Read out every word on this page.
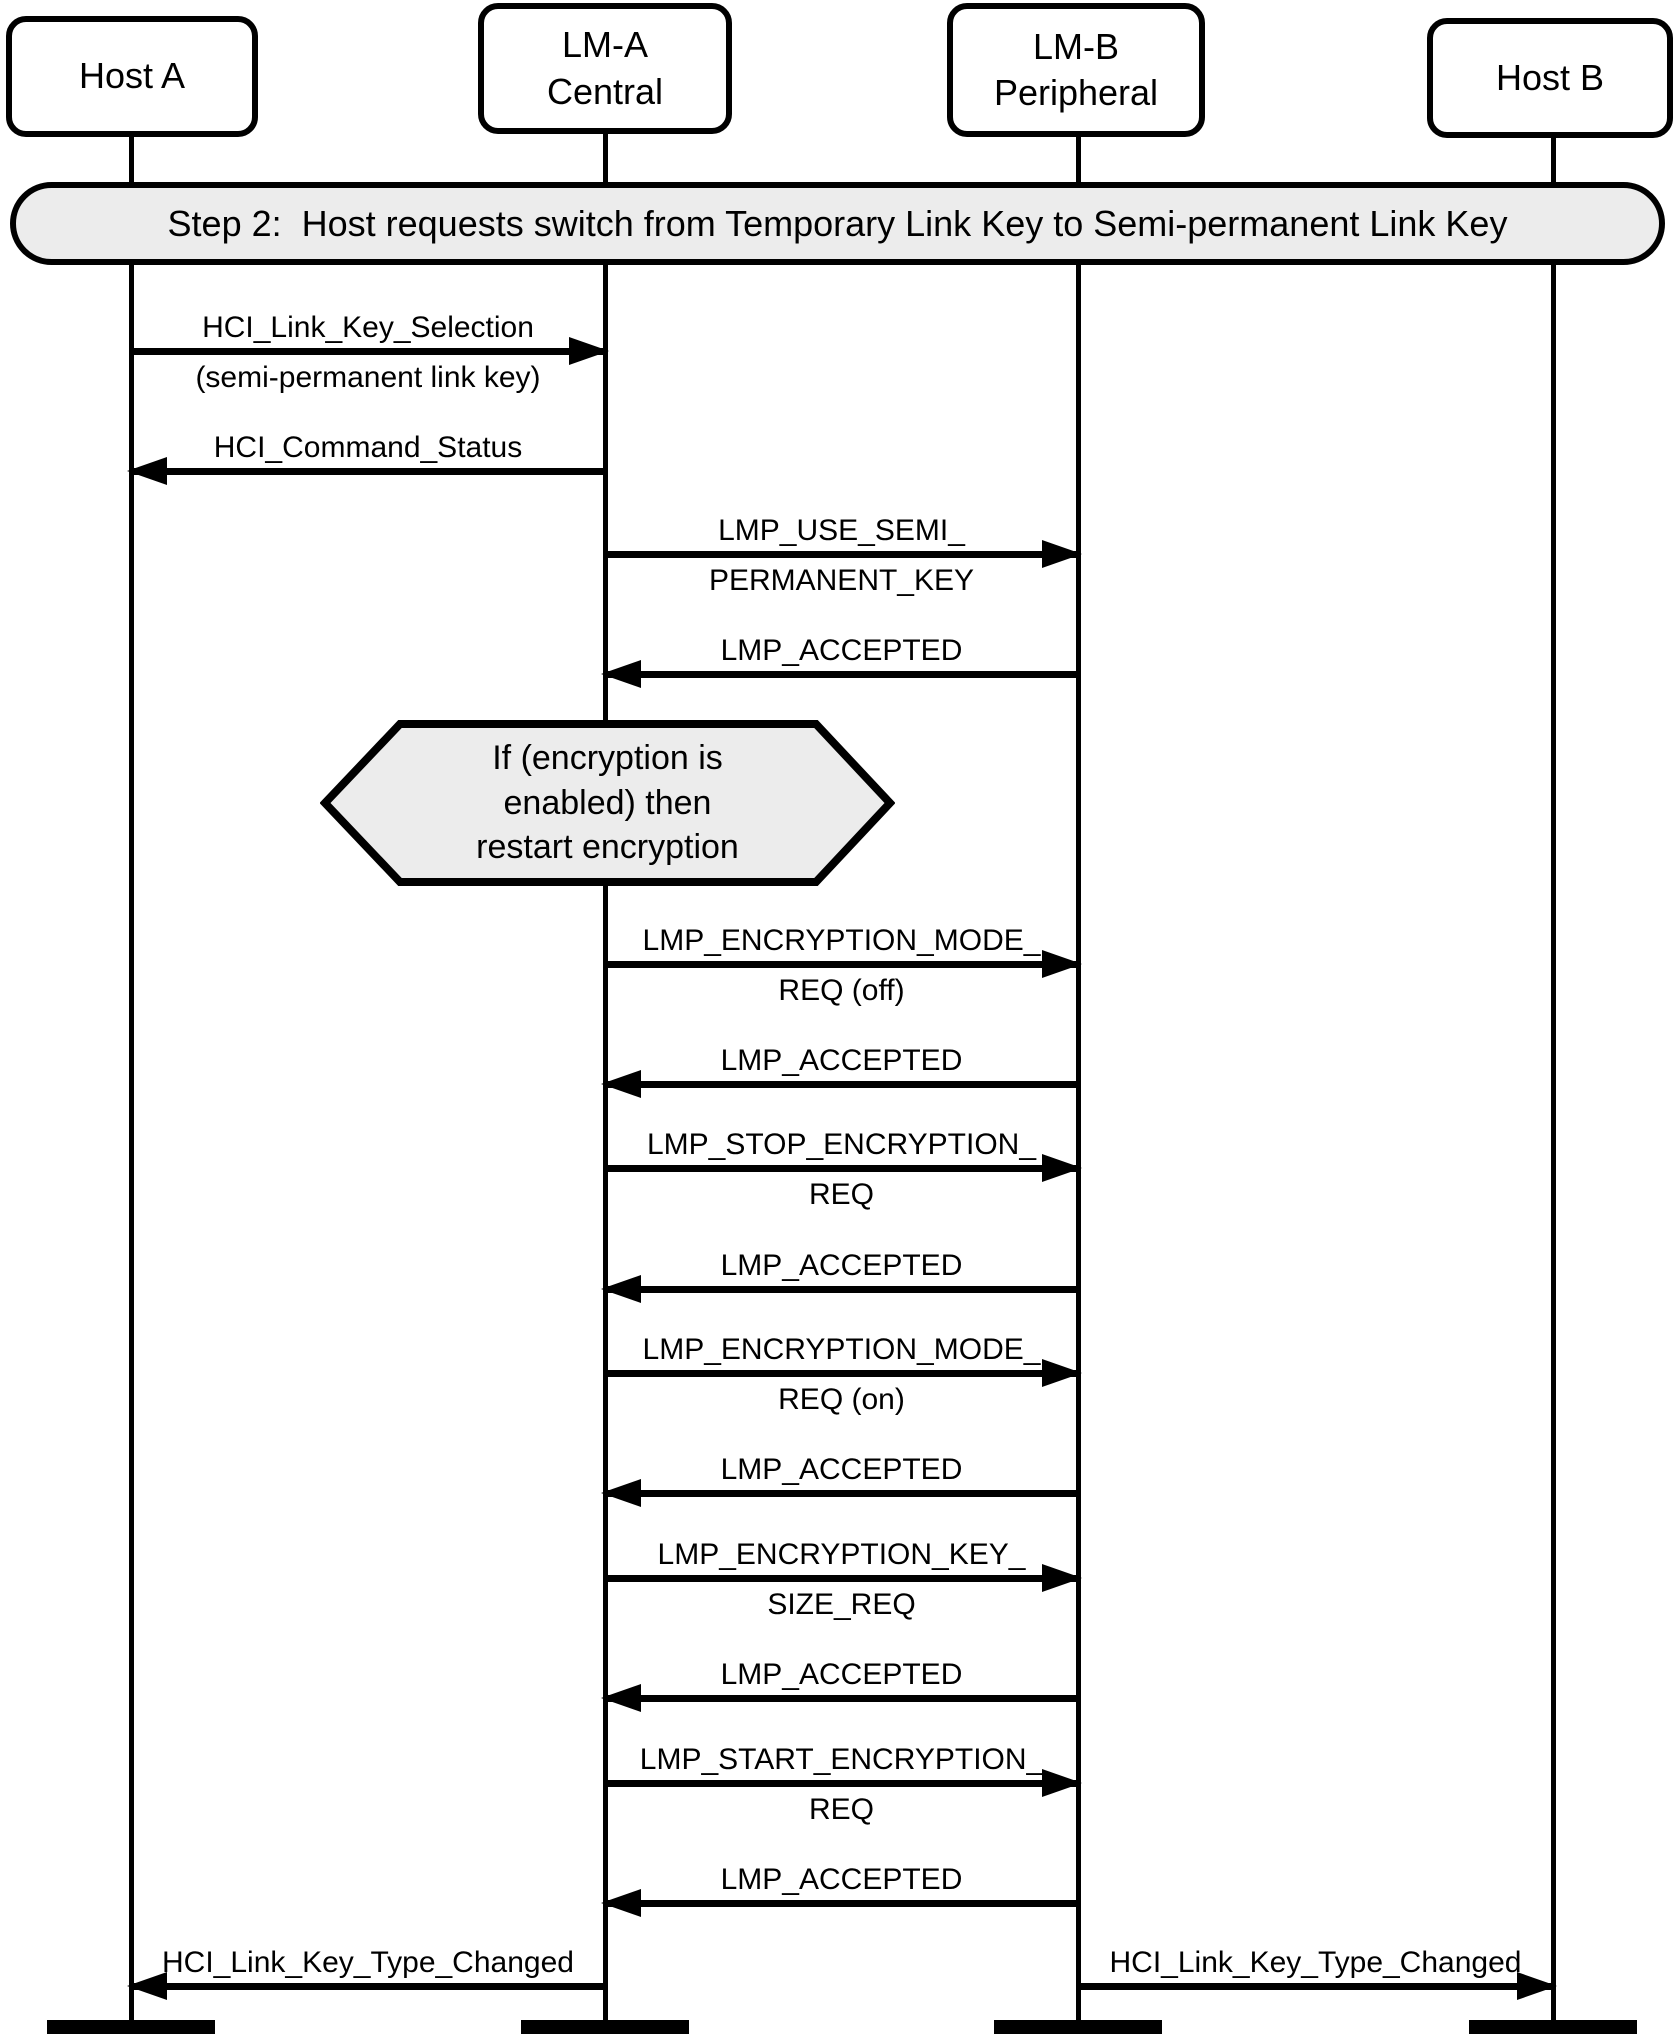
Host A
LM-A
Central
LM-B
Peripheral	Host B
Step 2:  Host requests switch from Temporary Link Key to Semi-permanent Link Key
If (encryption is
enabled) then
restart encryption
HCI_Link_Key_Selection
(semi-permanent link key)
HCI_Command_Status
LMP_USE_SEMI_
PERMANENT_KEY
LMP_ACCEPTED
LMP_ENCRYPTION_MODE_
REQ (off)
LMP_ACCEPTED
LMP_STOP_ENCRYPTION_
REQ
LMP_ACCEPTED
LMP_ENCRYPTION_MODE_
REQ (on)
LMP_ACCEPTED
LMP_ENCRYPTION_KEY_
SIZE_REQ
LMP_ACCEPTED
LMP_START_ENCRYPTION_
REQ
LMP_ACCEPTED
HCI_Link_Key_Type_Changed	HCI_Link_Key_Type_Changed
